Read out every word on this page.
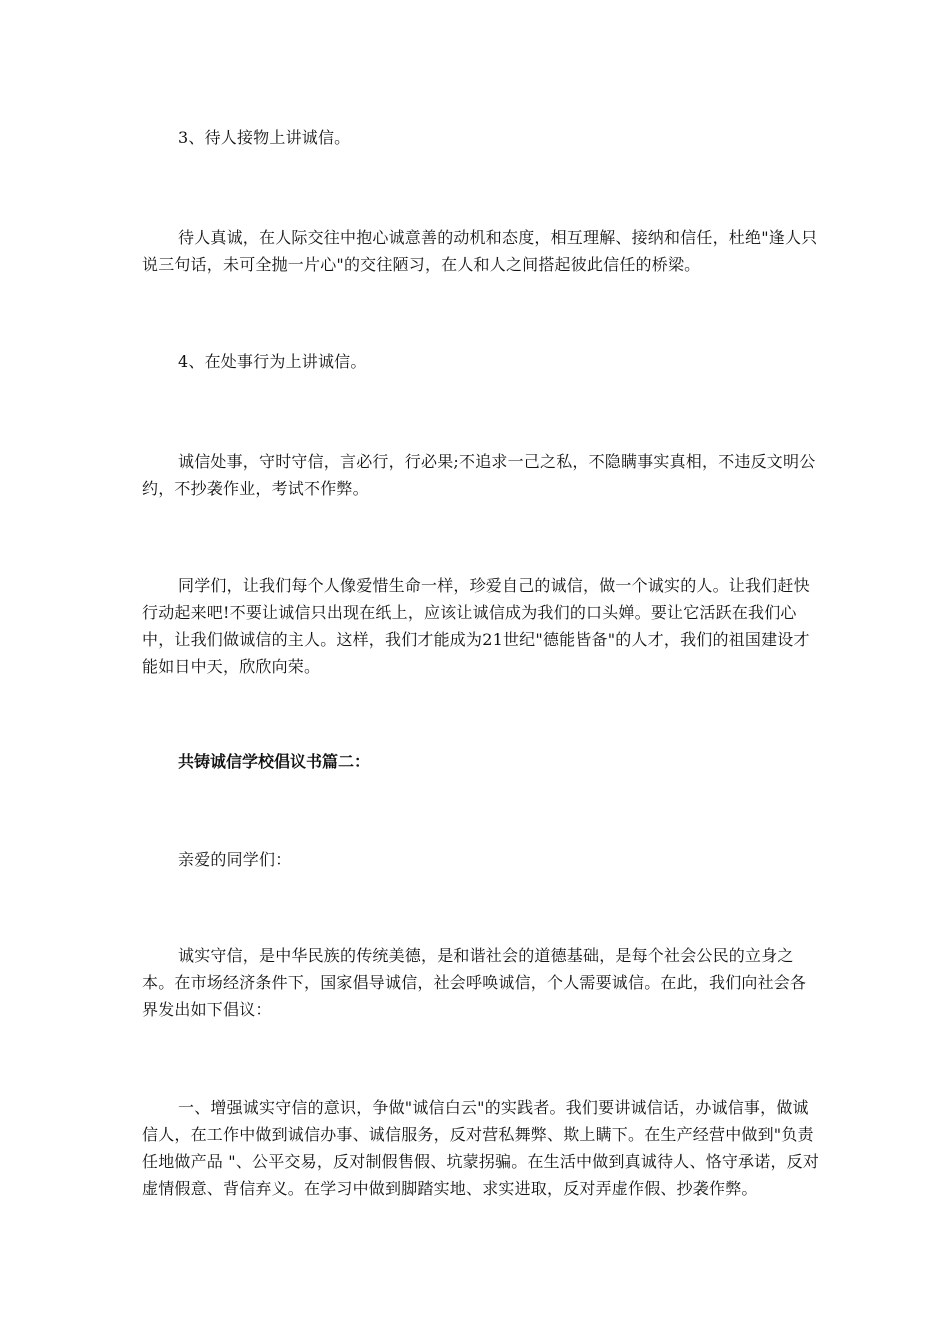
3、待人接物上讲诚信。

待人真诚，在人际交往中抱心诚意善的动机和态度，相互理解、接纳和信任，杜绝"逢人只说三句话，未可全抛一片心"的交往陋习，在人和人之间搭起彼此信任的桥梁。

4、在处事行为上讲诚信。

诚信处事，守时守信，言必行，行必果;不追求一己之私，不隐瞒事实真相，不违反文明公约，不抄袭作业，考试不作弊。

同学们，让我们每个人像爱惜生命一样，珍爱自己的诚信，做一个诚实的人。让我们赶快行动起来吧!不要让诚信只出现在纸上，应该让诚信成为我们的口头婵。要让它活跃在我们心中，让我们做诚信的主人。这样，我们才能成为21世纪"德能皆备"的人才，我们的祖国建设才能如日中天，欣欣向荣。

共铸诚信学校倡议书篇二：

亲爱的同学们：

诚实守信，是中华民族的传统美德，是和谐社会的道德基础，是每个社会公民的立身之本。在市场经济条件下，国家倡导诚信，社会呼唤诚信，个人需要诚信。在此，我们向社会各界发出如下倡议：

一、增强诚实守信的意识，争做"诚信白云"的实践者。我们要讲诚信话，办诚信事，做诚信人，在工作中做到诚信办事、诚信服务，反对营私舞弊、欺上瞒下。在生产经营中做到"负责任地做产品 "、公平交易，反对制假售假、坑蒙拐骗。在生活中做到真诚待人、恪守承诺，反对虚情假意、背信弃义。在学习中做到脚踏实地、求实进取，反对弄虚作假、抄袭作弊。
